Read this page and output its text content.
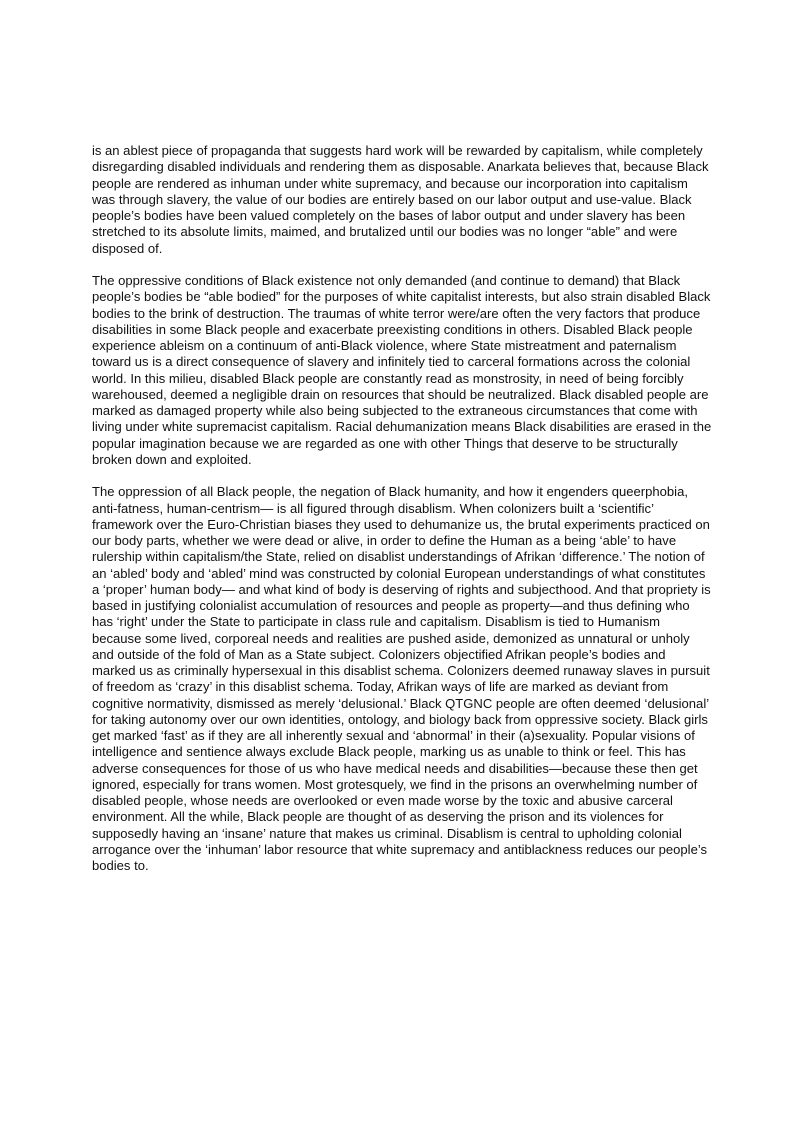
is an ablest piece of propaganda that suggests hard work will be rewarded by capitalism, while completely disregarding disabled individuals and rendering them as disposable. Anarkata believes that, because Black people are rendered as inhuman under white supremacy, and because our incorporation into capitalism was through slavery, the value of our bodies are entirely based on our labor output and use-value. Black people’s bodies have been valued completely on the bases of labor output and under slavery has been stretched to its absolute limits, maimed, and brutalized until our bodies was no longer “able” and were disposed of.

The oppressive conditions of Black existence not only demanded (and continue to demand) that Black people’s bodies be “able bodied” for the purposes of white capitalist interests, but also strain disabled Black bodies to the brink of destruction. The traumas of white terror were/are often the very factors that produce disabilities in some Black people and exacerbate preexisting conditions in others. Disabled Black people experience ableism on a continuum of anti-Black violence, where State mistreatment and paternalism toward us is a direct consequence of slavery and infinitely tied to carceral formations across the colonial world. In this milieu, disabled Black people are constantly read as monstrosity, in need of being forcibly warehoused, deemed a negligible drain on resources that should be neutralized. Black disabled people are marked as damaged property while also being subjected to the extraneous circumstances that come with living under white supremacist capitalism. Racial dehumanization means Black disabilities are erased in the popular imagination because we are regarded as one with other Things that deserve to be structurally broken down and exploited.

The oppression of all Black people, the negation of Black humanity, and how it engenders queerphobia, anti-fatness, human-centrism— is all figured through disablism. When colonizers built a ‘scientific’ framework over the Euro-Christian biases they used to dehumanize us, the brutal experiments practiced on our body parts, whether we were dead or alive, in order to define the Human as a being ‘able’ to have rulership within capitalism/the State, relied on disablist understandings of Afrikan ‘difference.’ The notion of an ‘abled’ body and ‘abled’ mind was constructed by colonial European understandings of what constitutes a ‘proper’ human body— and what kind of body is deserving of rights and subjecthood. And that propriety is based in justifying colonialist accumulation of resources and people as property—and thus defining who has ‘right’ under the State to participate in class rule and capitalism. Disablism is tied to Humanism because some lived, corporeal needs and realities are pushed aside, demonized as unnatural or unholy and outside of the fold of Man as a State subject. Colonizers objectified Afrikan people’s bodies and marked us as criminally hypersexual in this disablist schema. Colonizers deemed runaway slaves in pursuit of freedom as ‘crazy’ in this disablist schema. Today, Afrikan ways of life are marked as deviant from cognitive normativity, dismissed as merely ‘delusional.’ Black QTGNC people are often deemed ‘delusional’ for taking autonomy over our own identities, ontology, and biology back from oppressive society. Black girls get marked ‘fast’ as if they are all inherently sexual and ‘abnormal’ in their (a)sexuality. Popular visions of intelligence and sentience always exclude Black people, marking us as unable to think or feel. This has adverse consequences for those of us who have medical needs and disabilities—because these then get ignored, especially for trans women. Most grotesquely, we find in the prisons an overwhelming number of disabled people, whose needs are overlooked or even made worse by the toxic and abusive carceral environment. All the while, Black people are thought of as deserving the prison and its violences for supposedly having an ‘insane’ nature that makes us criminal. Disablism is central to upholding colonial arrogance over the ‘inhuman’ labor resource that white supremacy and antiblackness reduces our people’s bodies to.
